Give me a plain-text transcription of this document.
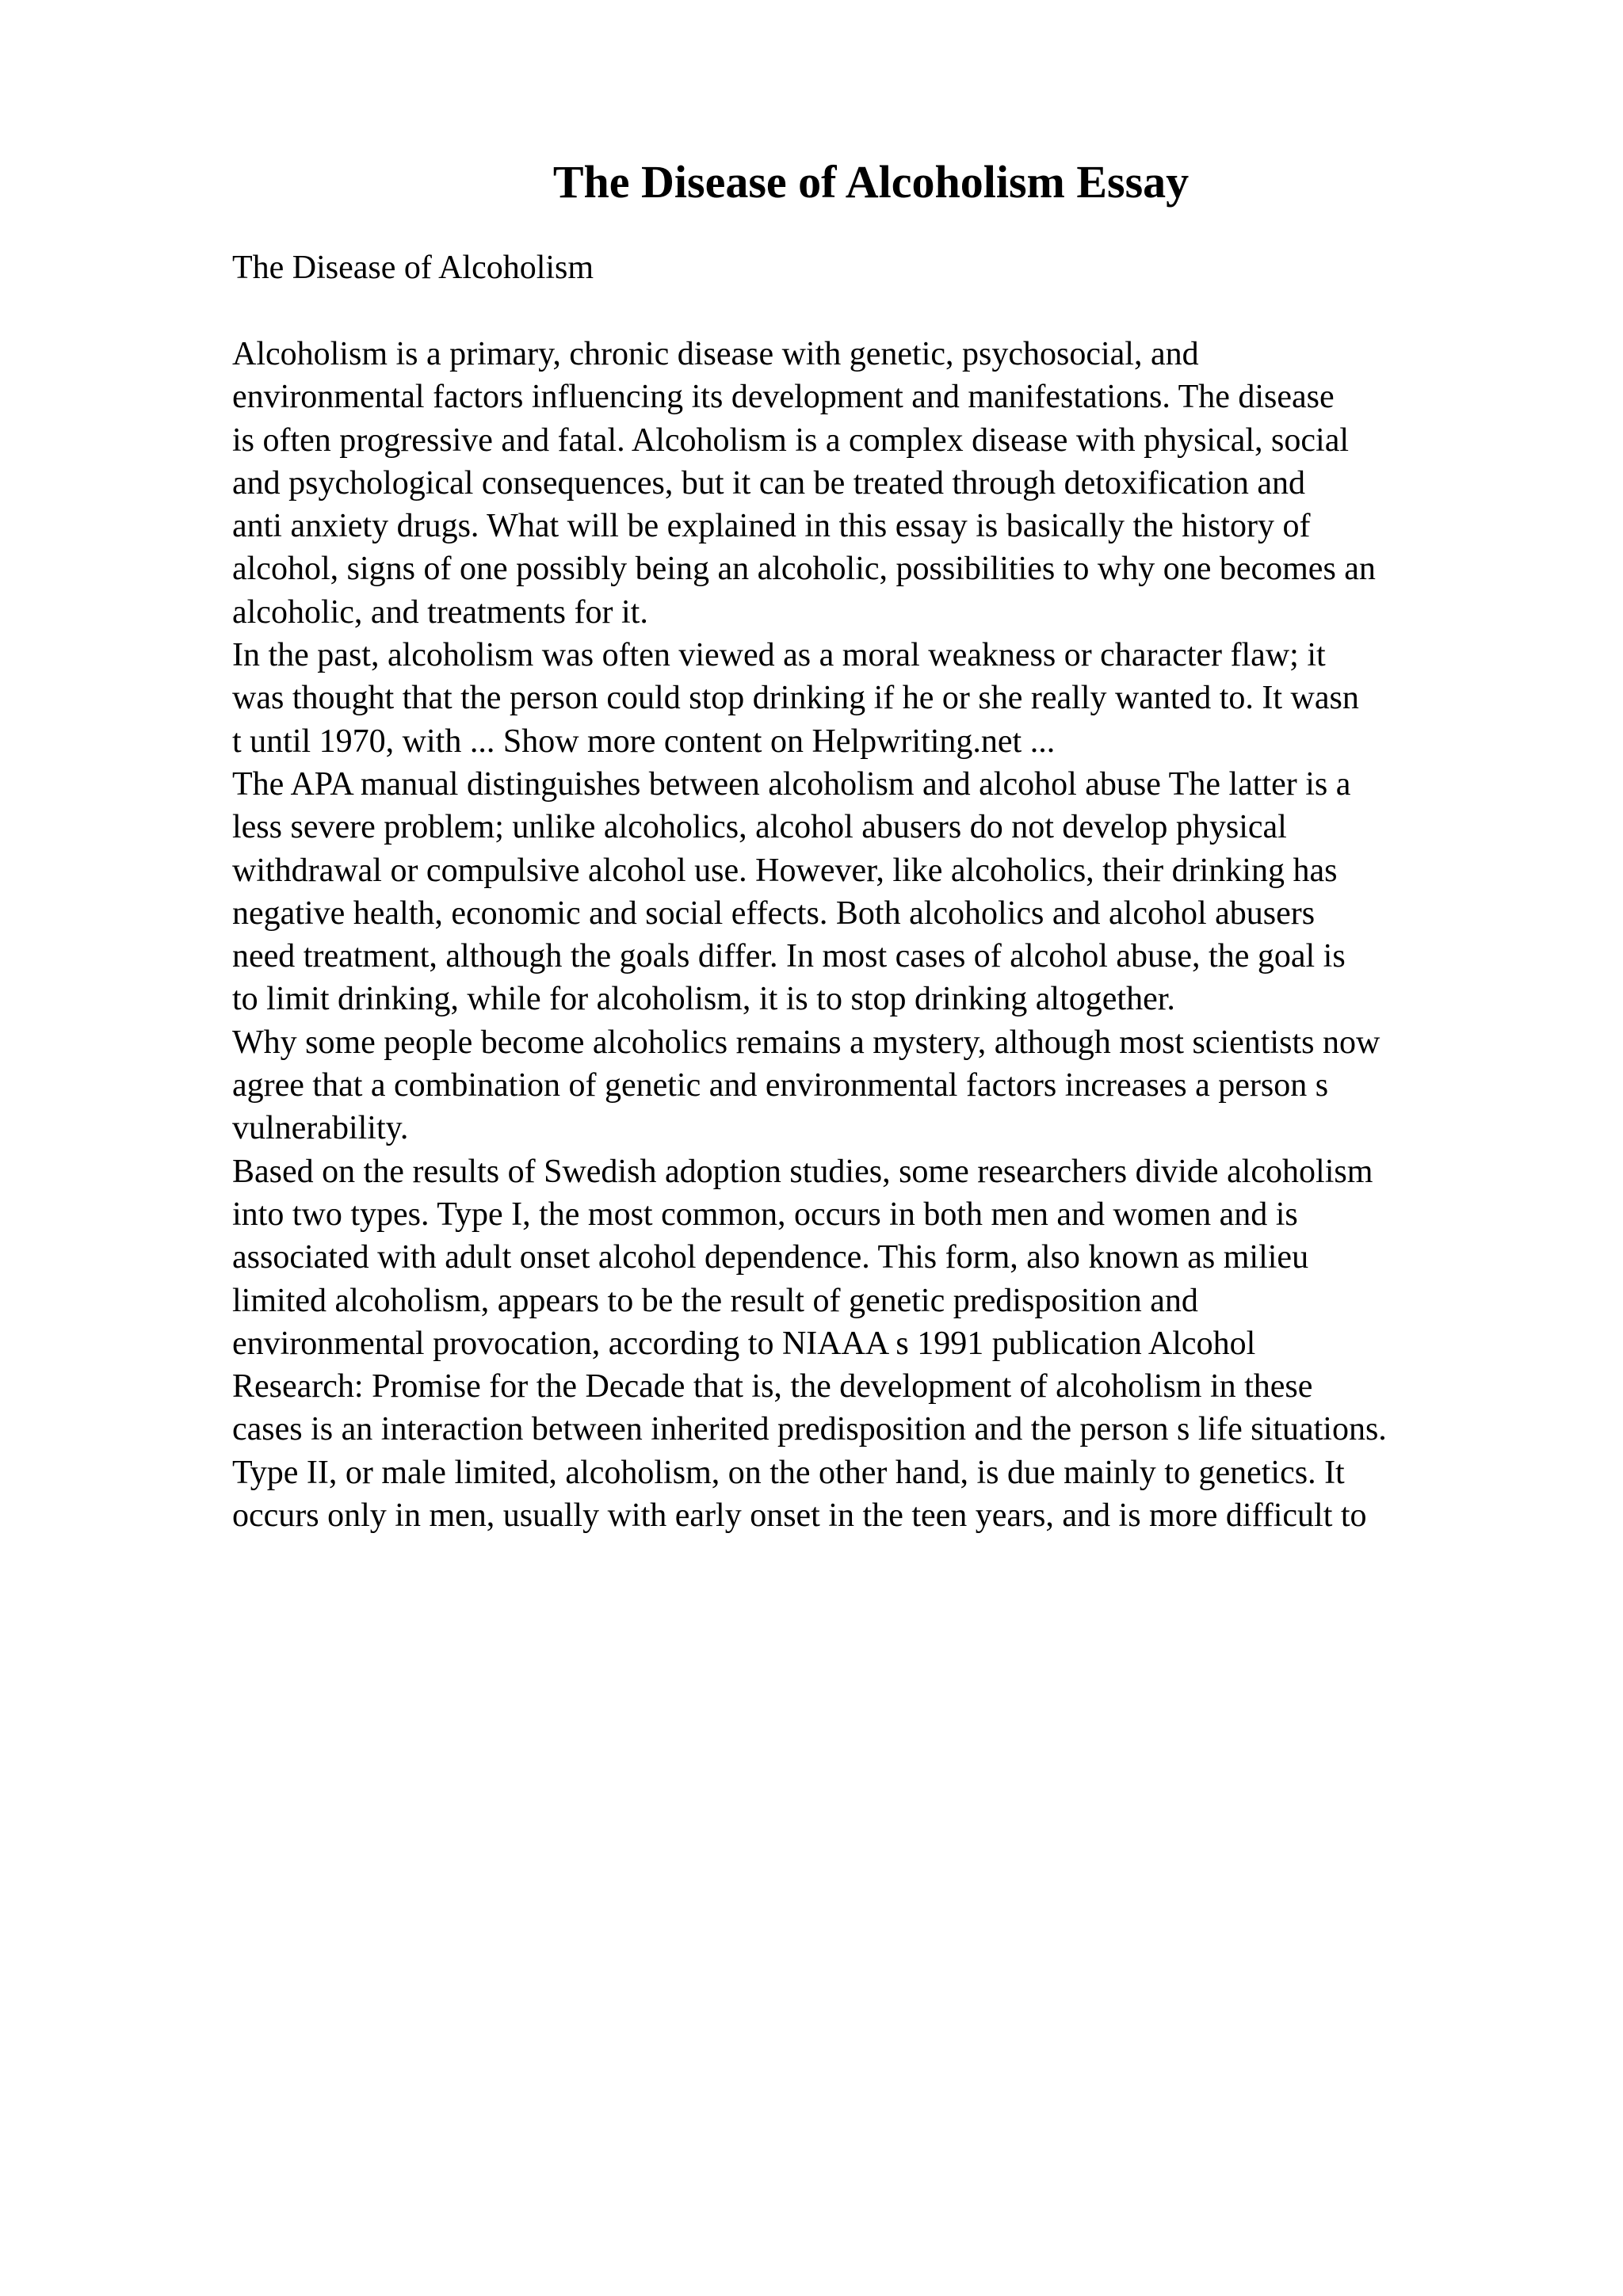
The Disease of Alcoholism Essay

The Disease of Alcoholism

Alcoholism is a primary, chronic disease with genetic, psychosocial, and
environmental factors influencing its development and manifestations. The disease
is often progressive and fatal. Alcoholism is a complex disease with physical, social
and psychological consequences, but it can be treated through detoxification and
anti anxiety drugs. What will be explained in this essay is basically the history of
alcohol, signs of one possibly being an alcoholic, possibilities to why one becomes an
alcoholic, and treatments for it.
In the past, alcoholism was often viewed as a moral weakness or character flaw; it
was thought that the person could stop drinking if he or she really wanted to. It wasn
t until 1970, with ... Show more content on Helpwriting.net ...
The APA manual distinguishes between alcoholism and alcohol abuse The latter is a
less severe problem; unlike alcoholics, alcohol abusers do not develop physical
withdrawal or compulsive alcohol use. However, like alcoholics, their drinking has
negative health, economic and social effects. Both alcoholics and alcohol abusers
need treatment, although the goals differ. In most cases of alcohol abuse, the goal is
to limit drinking, while for alcoholism, it is to stop drinking altogether.
Why some people become alcoholics remains a mystery, although most scientists now
agree that a combination of genetic and environmental factors increases a person s
vulnerability.
Based on the results of Swedish adoption studies, some researchers divide alcoholism
into two types. Type I, the most common, occurs in both men and women and is
associated with adult onset alcohol dependence. This form, also known as milieu
limited alcoholism, appears to be the result of genetic predisposition and
environmental provocation, according to NIAAA s 1991 publication Alcohol
Research: Promise for the Decade that is, the development of alcoholism in these
cases is an interaction between inherited predisposition and the person s life situations.
Type II, or male limited, alcoholism, on the other hand, is due mainly to genetics. It
occurs only in men, usually with early onset in the teen years, and is more difficult to
